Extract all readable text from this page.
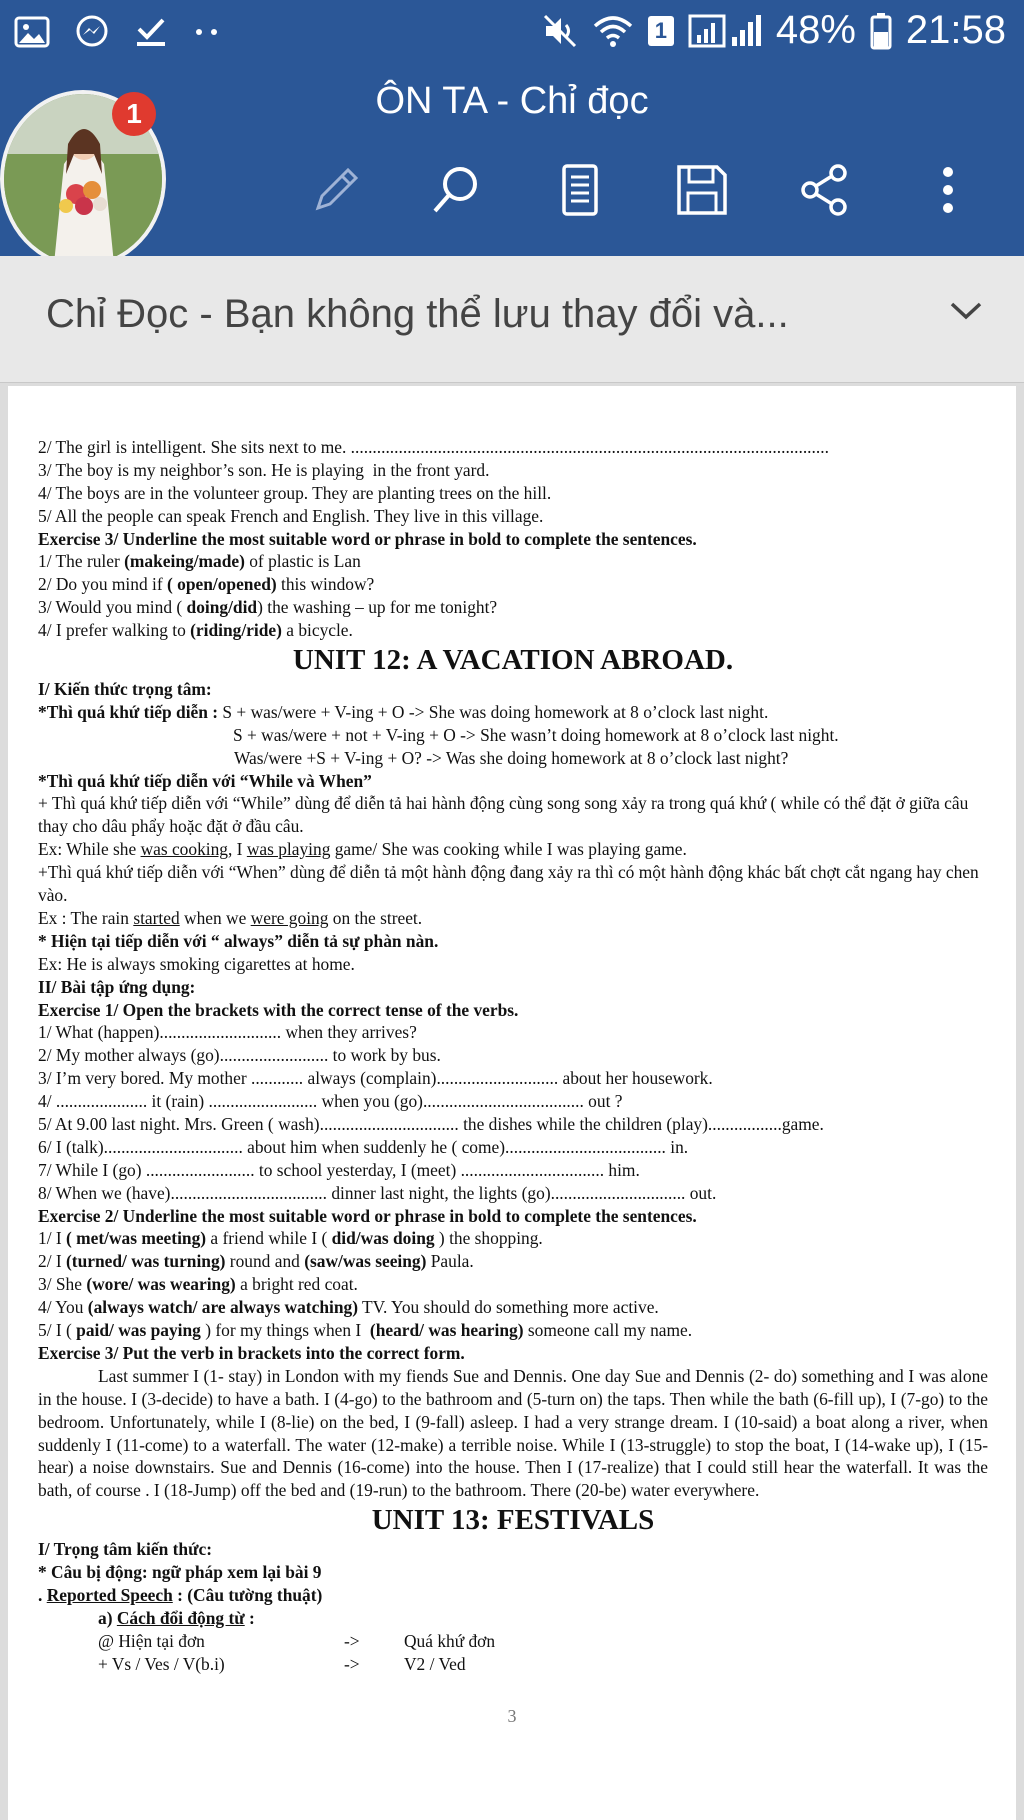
1	48% 21:58
ÔN TA - Chỉ đọc
1
Chỉ Đọc - Bạn không thể lưu thay đổi và...
2/ The girl is intelligent. She sits next to me. ..............................................................................................................
3/ The boy is my neighbor’s son. He is playing  in the front yard.
4/ The boys are in the volunteer group. They are planting trees on the hill.
5/ All the people can speak French and English. They live in this village.
Exercise 3/ Underline the most suitable word or phrase in bold to complete the sentences.
1/ The ruler (makeing/made) of plastic is Lan
2/ Do you mind if ( open/opened) this window?
3/ Would you mind ( doing/did) the washing – up for me tonight?
4/ I prefer walking to (riding/ride) a bicycle.
UNIT 12: A VACATION ABROAD.
I/ Kiến thức trọng tâm:
*Thì quá khứ tiếp diễn : S + was/were + V-ing + O -> She was doing homework at 8 o’clock last night.
S + was/were + not + V-ing + O -> She wasn’t doing homework at 8 o’clock last night.
Was/were +S + V-ing + O? -> Was she doing homework at 8 o’clock last night?
*Thì quá khứ tiếp diễn với “While và When”
+ Thì quá khứ tiếp diễn với “While” dùng để diễn tả hai hành động cùng song song xảy ra trong quá khứ ( while có thể đặt ở giữa câu thay cho dâu phẩy hoặc đặt ở đầu câu.
Ex: While she was cooking, I was playing game/ She was cooking while I was playing game.
+Thì quá khứ tiếp diễn với “When” dùng để diễn tả một hành động đang xảy ra thì có một hành động khác bất chợt cắt ngang hay chen vào.
Ex : The rain started when we were going on the street.
* Hiện tại tiếp diễn với “ always” diễn tả sự phàn nàn.
Ex: He is always smoking cigarettes at home.
II/ Bài tập ứng dụng:
Exercise 1/ Open the brackets with the correct tense of the verbs.
1/ What (happen)............................ when they arrives?
2/ My mother always (go)......................... to work by bus.
3/ I’m very bored. My mother ............ always (complain)............................ about her housework.
4/ ..................... it (rain) ......................... when you (go)..................................... out ?
5/ At 9.00 last night. Mrs. Green ( wash)................................ the dishes while the children (play).................game.
6/ I (talk)................................ about him when suddenly he ( come)..................................... in.
7/ While I (go) ......................... to school yesterday, I (meet) ................................. him.
8/ When we (have).................................... dinner last night, the lights (go)............................... out.
Exercise 2/ Underline the most suitable word or phrase in bold to complete the sentences.
1/ I ( met/was meeting) a friend while I ( did/was doing ) the shopping.
2/ I (turned/ was turning) round and (saw/was seeing) Paula.
3/ She (wore/ was wearing) a bright red coat.
4/ You (always watch/ are always watching) TV. You should do something more active.
5/ I ( paid/ was paying ) for my things when I  (heard/ was hearing) someone call my name.
Exercise 3/ Put the verb in brackets into the correct form.
Last summer I (1- stay) in London with my fiends Sue and Dennis. One day Sue and Dennis (2- do) something and I was alone in the house. I (3-decide) to have a bath. I (4-go) to the bathroom and (5-turn on) the taps. Then while the bath (6-fill up), I (7-go) to the bedroom. Unfortunately, while I (8-lie) on the bed, I (9-fall) asleep. I had a very strange dream. I (10-said) a boat along a river, when suddenly I (11-come) to a waterfall. The water (12-make) a terrible noise. While I (13-struggle) to stop the boat, I (14-wake up), I (15-hear) a noise downstairs. Sue and Dennis (16-come) into the house. Then I (17-realize) that I could still hear the waterfall. It was the bath, of course . I (18-Jump) off the bed and (19-run) to the bathroom. There (20-be) water everywhere.
UNIT 13: FESTIVALS
I/ Trọng tâm kiến thức:
* Câu bị động: ngữ pháp xem lại bài 9
. Reported Speech : (Câu tường thuật)
a) Cách đổi động từ :
@ Hiện tại đơn	->	Quá khứ đơn
+ Vs / Ves / V(b.i)	->	V2 / Ved
3
